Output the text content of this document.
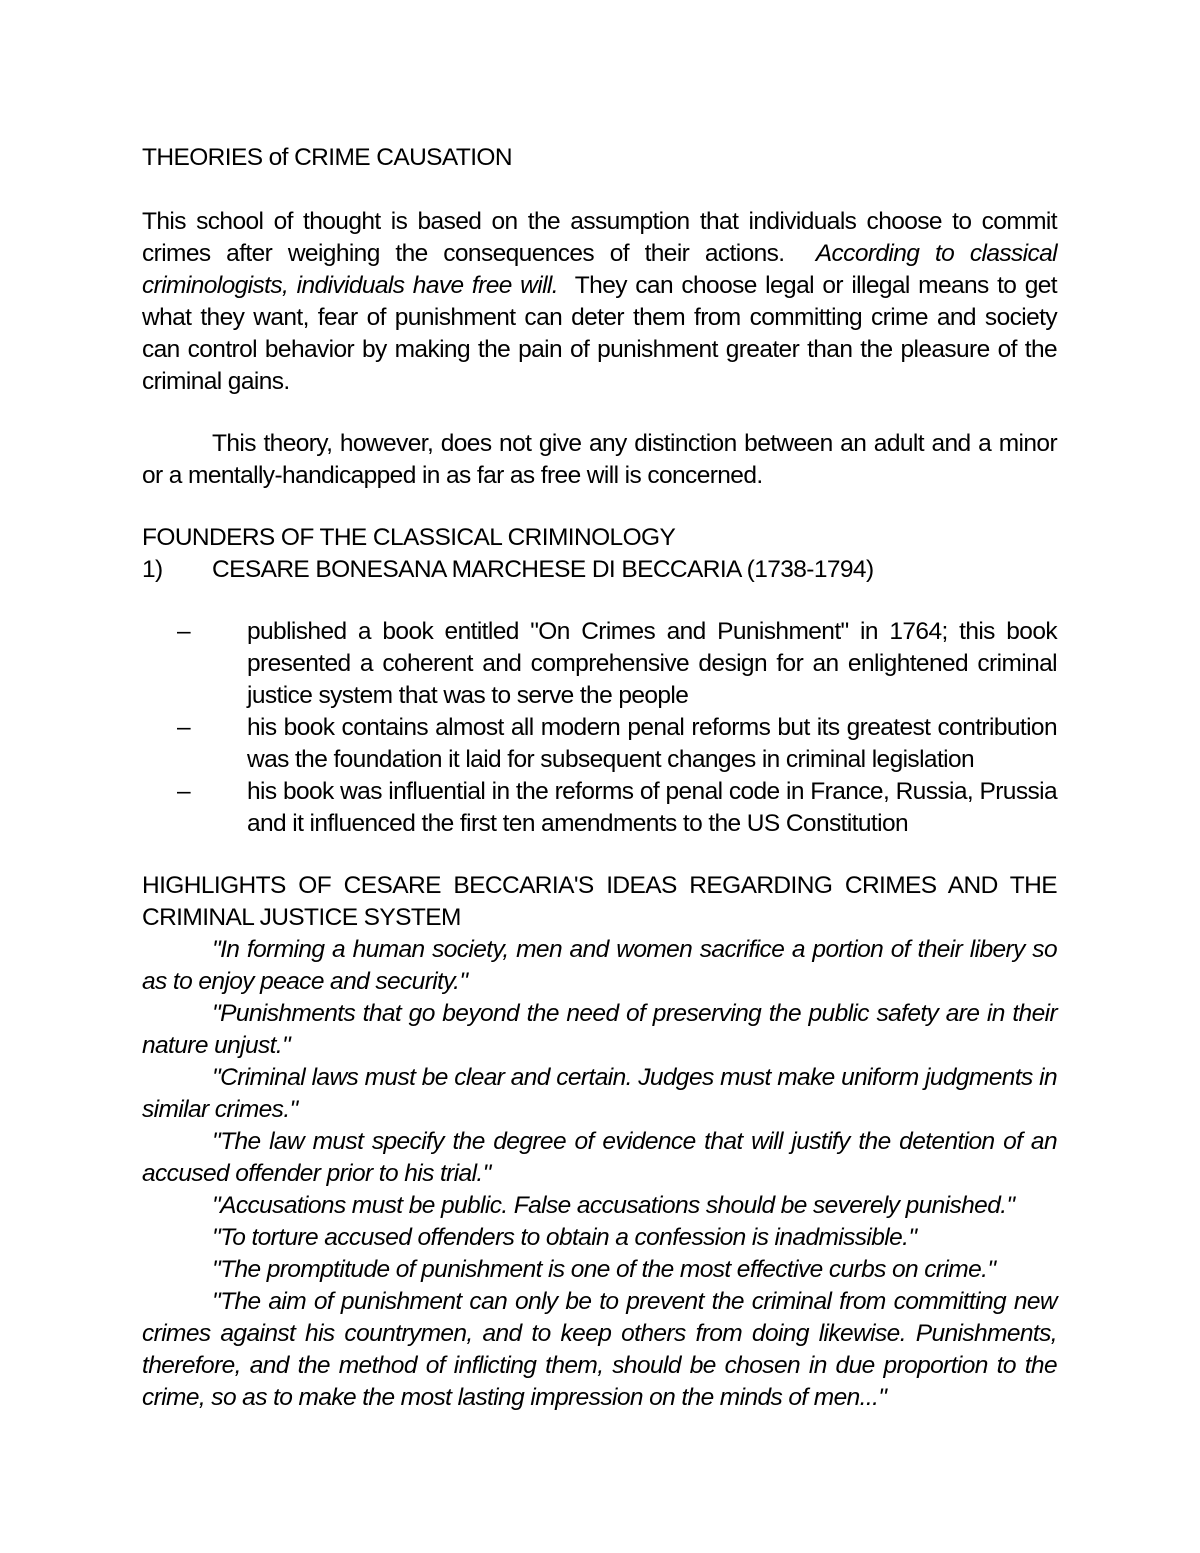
THEORIES of CRIME CAUSATION

This school of thought is based on the assumption that individuals choose to commit crimes after weighing the consequences of their actions. According to classical criminologists, individuals have free will. They can choose legal or illegal means to get what they want, fear of punishment can deter them from committing crime and society can control behavior by making the pain of punishment greater than the pleasure of the criminal gains.

This theory, however, does not give any distinction between an adult and a minor or a mentally-handicapped in as far as free will is concerned.

FOUNDERS OF THE CLASSICAL CRIMINOLOGY

1)	CESARE BONESANA MARCHESE DI BECCARIA (1738-1794)
–	published a book entitled "On Crimes and Punishment" in 1764; this book presented a coherent and comprehensive design for an enlightened criminal justice system that was to serve the people
–	his book contains almost all modern penal reforms but its greatest contribution was the foundation it laid for subsequent changes in criminal legislation
–	his book was influential in the reforms of penal code in France, Russia, Prussia and it influenced the first ten amendments to the US Constitution

HIGHLIGHTS OF CESARE BECCARIA'S IDEAS REGARDING CRIMES AND THE CRIMINAL JUSTICE SYSTEM

"In forming a human society, men and women sacrifice a portion of their libery so as to enjoy peace and security."

"Punishments that go beyond the need of preserving the public safety are in their nature unjust."

"Criminal laws must be clear and certain. Judges must make uniform judgments in similar crimes."

"The law must specify the degree of evidence that will justify the detention of an accused offender prior to his trial."

"Accusations must be public. False accusations should be severely punished."

"To torture accused offenders to obtain a confession is inadmissible."

"The promptitude of punishment is one of the most effective curbs on crime."

"The aim of punishment can only be to prevent the criminal from committing new crimes against his countrymen, and to keep others from doing likewise. Punishments, therefore, and the method of inflicting them, should be chosen in due proportion to the crime, so as to make the most lasting impression on the minds of men..."
